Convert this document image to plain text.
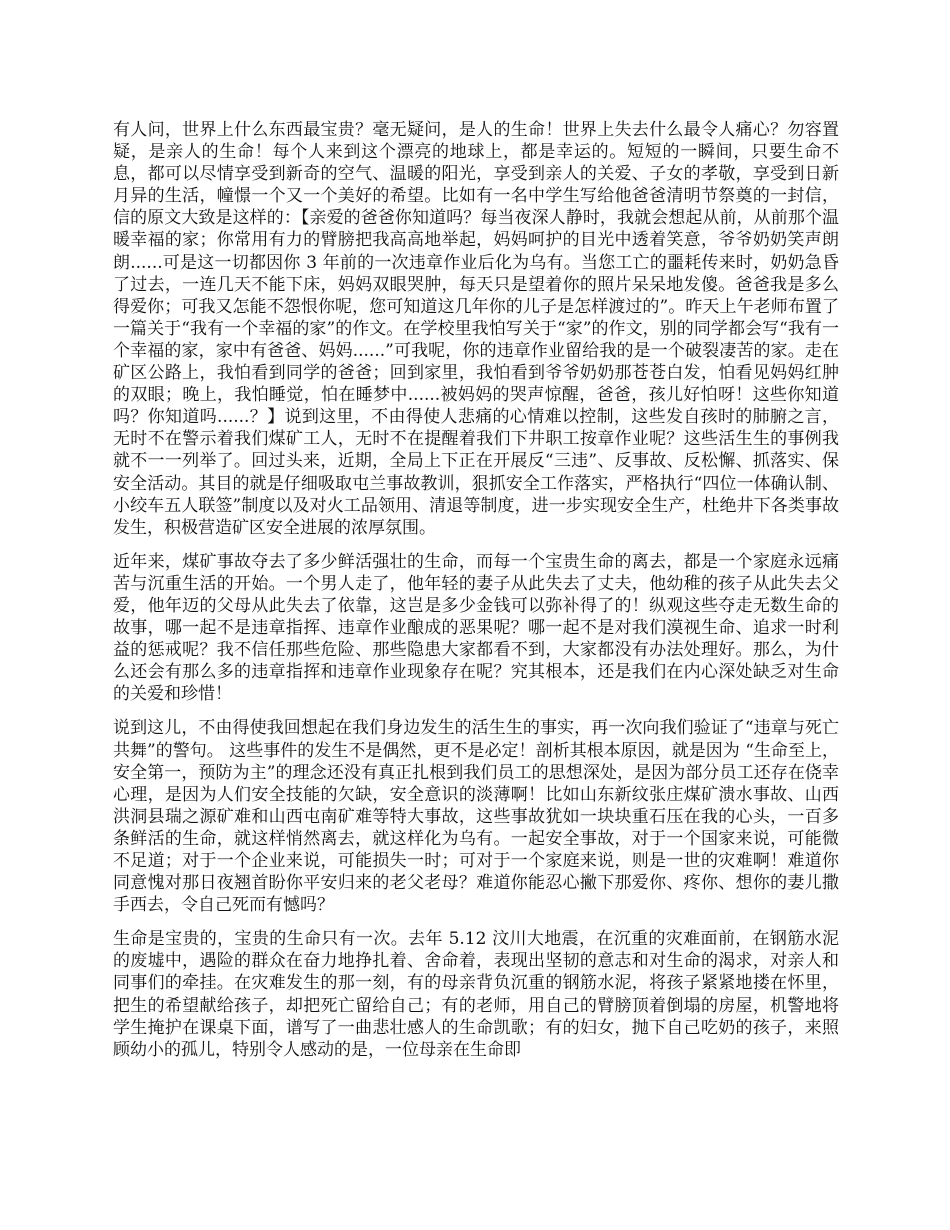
有人问，世界上什么东西最宝贵？毫无疑问，是人的生命！世界上失去什么最令人痛心？勿容置疑，是亲人的生命！每个人来到这个漂亮的地球上，都是幸运的。短短的一瞬间，只要生命不息，都可以尽情享受到新奇的空气、温暖的阳光，享受到亲人的关爱、子女的孝敬，享受到日新月异的生活，幢憬一个又一个美好的希望。比如有一名中学生写给他爸爸清明节祭奠的一封信，信的原文大致是这样的：【亲爱的爸爸你知道吗？每当夜深人静时，我就会想起从前，从前那个温暖幸福的家；你常用有力的臂膀把我高高地举起，妈妈呵护的目光中透着笑意，爷爷奶奶笑声朗朗......可是这一切都因你 3 年前的一次违章作业后化为乌有。当您工亡的噩耗传来时，奶奶急昏了过去，一连几天不能下床，妈妈双眼哭肿，每天只是望着你的照片呆呆地发傻。爸爸我是多么得爱你；可我又怎能不怨恨你呢，您可知道这几年你的儿子是怎样渡过的”。昨天上午老师布置了一篇关于“我有一个幸福的家”的作文。在学校里我怕写关于“家”的作文，别的同学都会写“我有一个幸福的家，家中有爸爸、妈妈......”可我呢，你的违章作业留给我的是一个破裂凄苦的家。走在矿区公路上，我怕看到同学的爸爸；回到家里，我怕看到爷爷奶奶那苍苍白发，怕看见妈妈红肿的双眼；晚上，我怕睡觉，怕在睡梦中......被妈妈的哭声惊醒，爸爸，孩儿好怕呀！这些你知道吗？你知道吗......？】说到这里，不由得使人悲痛的心情难以控制，这些发自孩时的肺腑之言，无时不在警示着我们煤矿工人，无时不在提醒着我们下井职工按章作业呢？这些活生生的事例我就不一一列举了。回过头来，近期，全局上下正在开展反“三违”、反事故、反松懈、抓落实、保安全活动。其目的就是仔细吸取屯兰事故教训，狠抓安全工作落实，严格执行“四位一体确认制、小绞车五人联签”制度以及对火工品领用、清退等制度，进一步实现安全生产，杜绝井下各类事故发生，积极营造矿区安全进展的浓厚氛围。

近年来，煤矿事故夺去了多少鲜活强壮的生命，而每一个宝贵生命的离去，都是一个家庭永远痛苦与沉重生活的开始。一个男人走了，他年轻的妻子从此失去了丈夫，他幼稚的孩子从此失去父爱，他年迈的父母从此失去了依靠，这岂是多少金钱可以弥补得了的！纵观这些夺走无数生命的故事，哪一起不是违章指挥、违章作业酿成的恶果呢？哪一起不是对我们漠视生命、追求一时利益的惩戒呢？我不信任那些危险、那些隐患大家都看不到，大家都没有办法处理好。那么，为什么还会有那么多的违章指挥和违章作业现象存在呢？究其根本，还是我们在内心深处缺乏对生命的关爱和珍惜！

说到这儿，不由得使我回想起在我们身边发生的活生生的事实，再一次向我们验证了“违章与死亡共舞”的警句。 这些事件的发生不是偶然，更不是必定！剖析其根本原因，就是因为 “生命至上，安全第一，预防为主”的理念还没有真正扎根到我们员工的思想深处，是因为部分员工还存在侥幸心理，是因为人们安全技能的欠缺，安全意识的淡薄啊！比如山东新纹张庄煤矿溃水事故、山西洪洞县瑞之源矿难和山西屯南矿难等特大事故，这些事故犹如一块块重石压在我的心头，一百多条鲜活的生命，就这样悄然离去，就这样化为乌有。一起安全事故，对于一个国家来说，可能微不足道；对于一个企业来说，可能损失一时；可对于一个家庭来说，则是一世的灾难啊！难道你同意愧对那日夜翘首盼你平安归来的老父老母？难道你能忍心撇下那爱你、疼你、想你的妻儿撒手西去，令自己死而有憾吗？

生命是宝贵的，宝贵的生命只有一次。去年 5.12 汶川大地震，在沉重的灾难面前，在钢筋水泥的废墟中，遇险的群众在奋力地挣扎着、舍命着，表现出坚韧的意志和对生命的渴求，对亲人和同事们的牵挂。在灾难发生的那一刻，有的母亲背负沉重的钢筋水泥，将孩子紧紧地搂在怀里，把生的希望献给孩子，却把死亡留给自己；有的老师，用自己的臂膀顶着倒塌的房屋，机警地将学生掩护在课桌下面，谱写了一曲悲壮感人的生命凯歌；有的妇女，抛下自己吃奶的孩子，来照顾幼小的孤儿，特别令人感动的是，一位母亲在生命即
